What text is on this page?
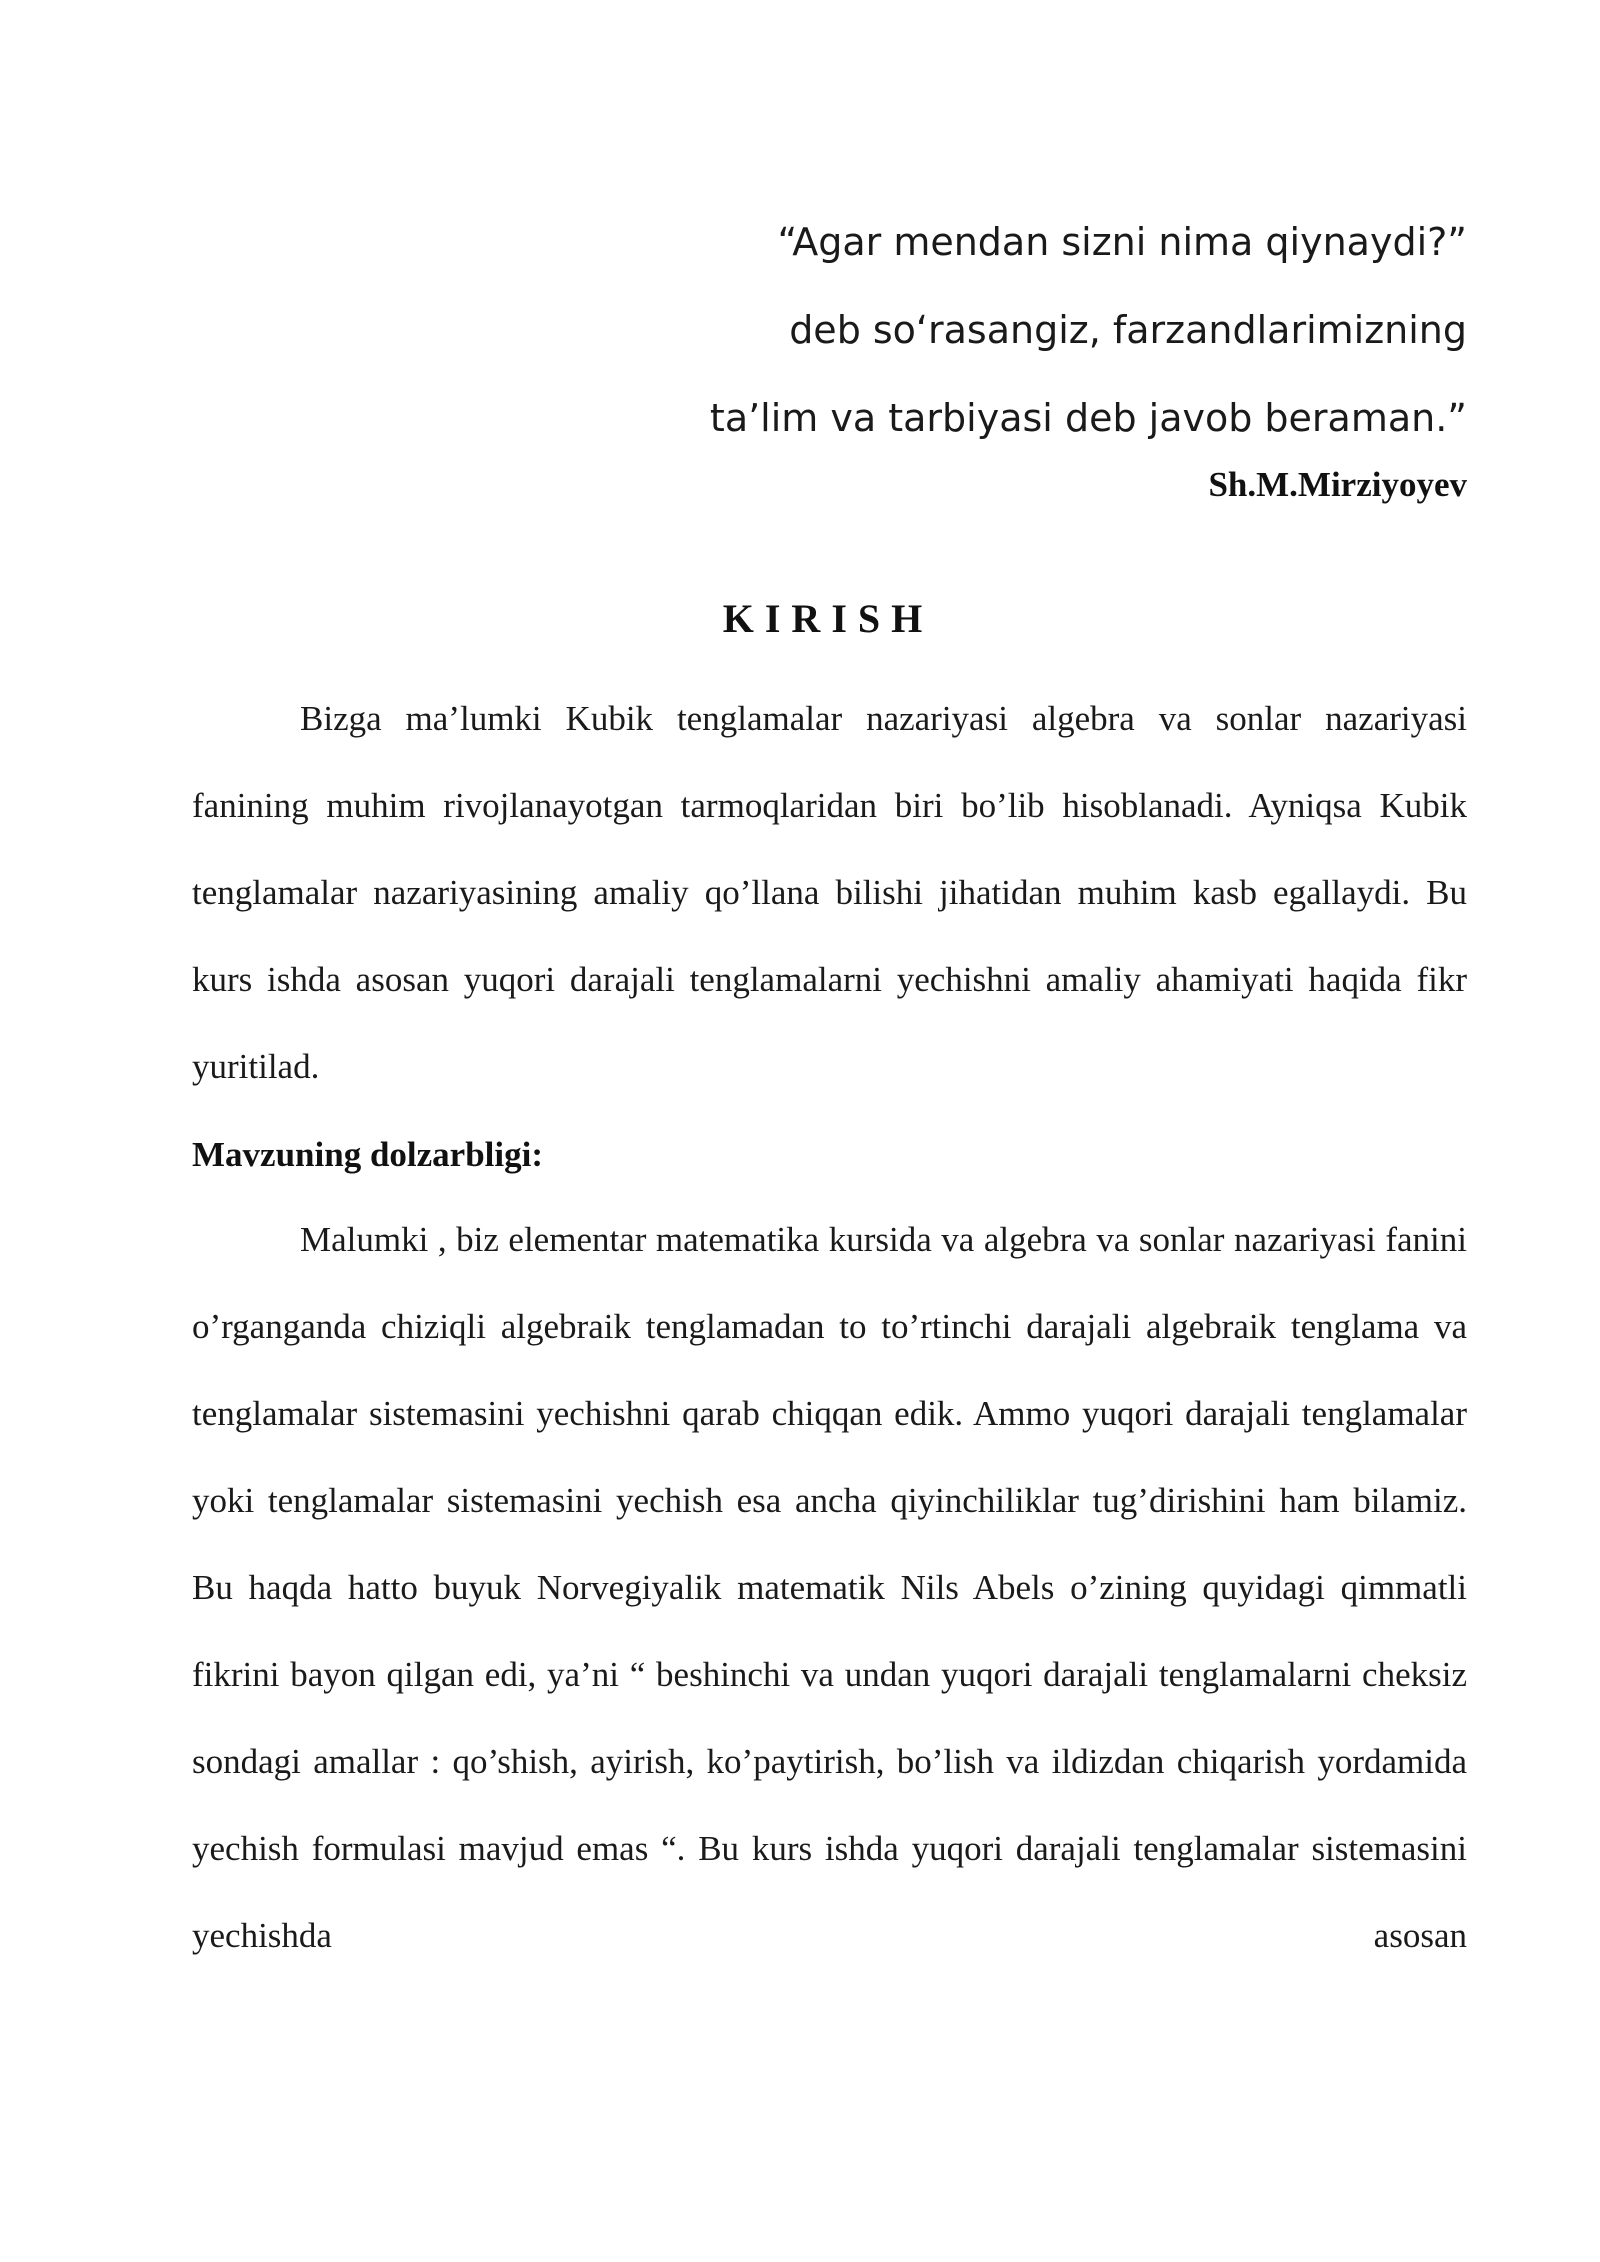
“Agar mendan sizni nima qiynaydi?”
deb so‘rasangiz, farzandlarimizning
ta’lim va tarbiyasi deb javob beraman.”
Sh.M.Mirziyoyev
KIRISH

Bizga ma’lumki Kubik tenglamalar nazariyasi algebra va sonlar nazariyasi fanining muhim rivojlanayotgan tarmoqlaridan biri bo’lib hisoblanadi. Ayniqsa Kubik tenglamalar nazariyasining amaliy qo’llana bilishi jihatidan muhim kasb egallaydi. Bu kurs ishda asosan yuqori darajali tenglamalarni yechishni amaliy ahamiyati haqida fikr yuritilad.

Mavzuning dolzarbligi:

Malumki , biz elementar matematika kursida va algebra va sonlar nazariyasi fanini o’rganganda chiziqli algebraik tenglamadan to to’rtinchi darajali algebraik tenglama va tenglamalar sistemasini yechishni qarab chiqqan edik. Ammo yuqori darajali tenglamalar yoki tenglamalar sistemasini yechish esa ancha qiyinchiliklar tug’dirishini ham bilamiz. Bu haqda hatto buyuk Norvegiyalik matematik Nils Abels o’zining quyidagi qimmatli fikrini bayon qilgan edi, ya’ni “ beshinchi va undan yuqori darajali tenglamalarni cheksiz sondagi amallar : qo’shish, ayirish, ko’paytirish, bo’lish va ildizdan chiqarish yordamida yechish formulasi mavjud emas “. Bu kurs ishda yuqori darajali tenglamalar sistemasini yechishda asosan
